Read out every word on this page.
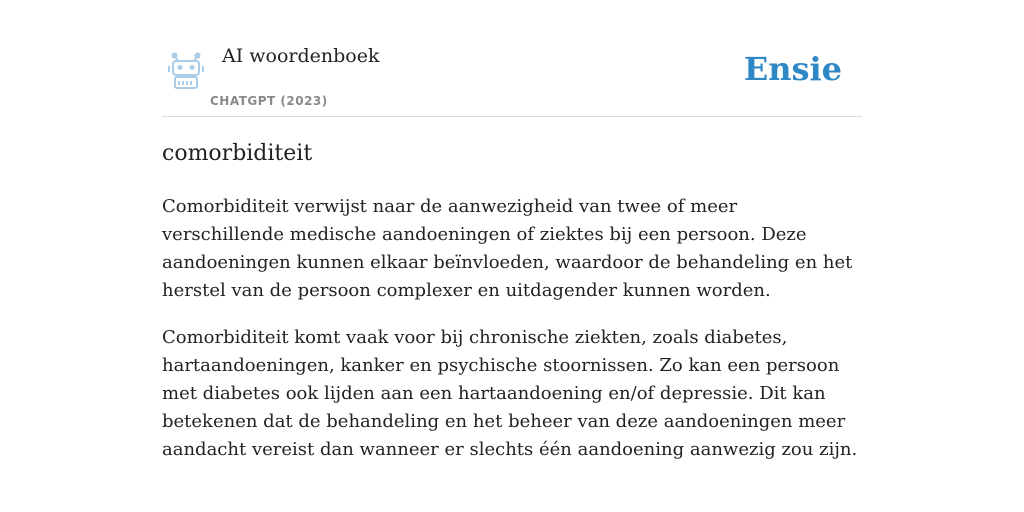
AI woordenboek
CHATGPT (2023)
Ensie
comorbiditeit

Comorbiditeit verwijst naar de aanwezigheid van twee of meer verschillende medische aandoeningen of ziektes bij een persoon. Deze aandoeningen kunnen elkaar beïnvloeden, waardoor de behandeling en het herstel van de persoon complexer en uitdagender kunnen worden.

Comorbiditeit komt vaak voor bij chronische ziekten, zoals diabetes, hartaandoeningen, kanker en psychische stoornissen. Zo kan een persoon met diabetes ook lijden aan een hartaandoening en/of depressie. Dit kan betekenen dat de behandeling en het beheer van deze aandoeningen meer aandacht vereist dan wanneer er slechts één aandoening aanwezig zou zijn.
